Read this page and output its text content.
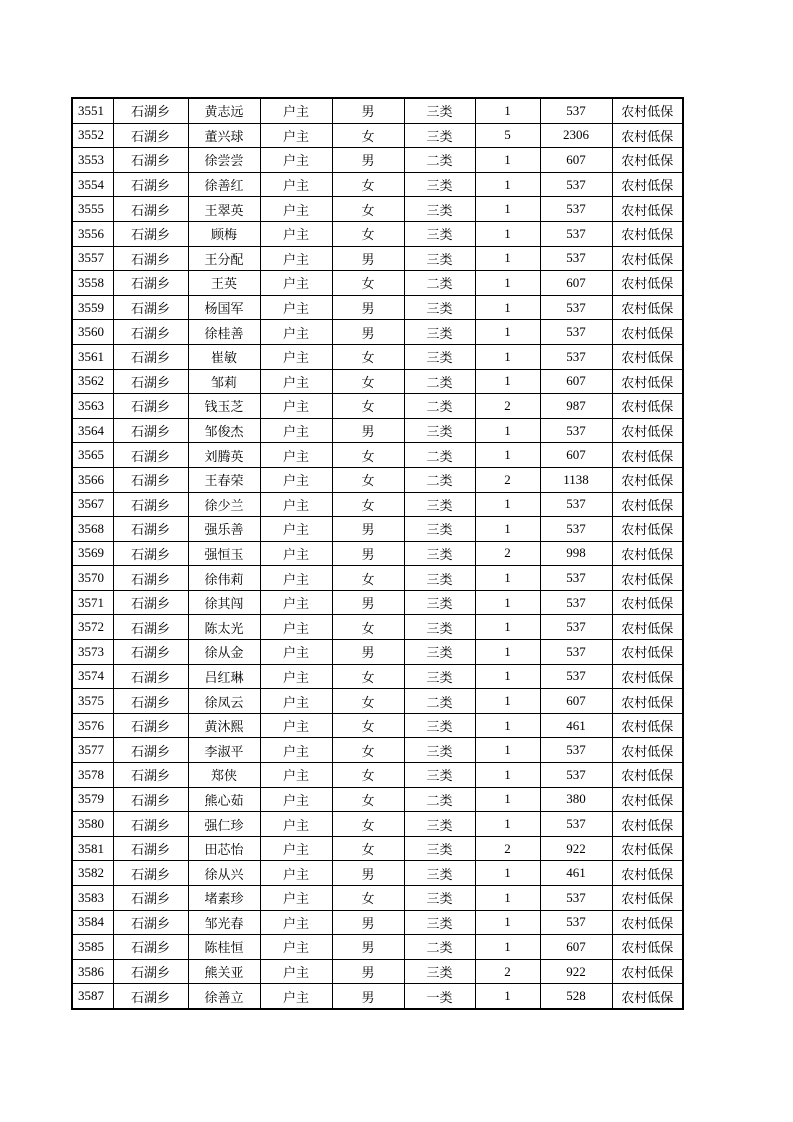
3551	石湖乡	黄志远	户主	男	三类	1	537	农村低保
3552	石湖乡	董兴球	户主	女	三类	5	2306	农村低保
3553	石湖乡	徐尝尝	户主	男	二类	1	607	农村低保
3554	石湖乡	徐善红	户主	女	三类	1	537	农村低保
3555	石湖乡	王翠英	户主	女	三类	1	537	农村低保
3556	石湖乡	顾梅	户主	女	三类	1	537	农村低保
3557	石湖乡	王分配	户主	男	三类	1	537	农村低保
3558	石湖乡	王英	户主	女	二类	1	607	农村低保
3559	石湖乡	杨国军	户主	男	三类	1	537	农村低保
3560	石湖乡	徐桂善	户主	男	三类	1	537	农村低保
3561	石湖乡	崔敏	户主	女	三类	1	537	农村低保
3562	石湖乡	邹莉	户主	女	二类	1	607	农村低保
3563	石湖乡	钱玉芝	户主	女	二类	2	987	农村低保
3564	石湖乡	邹俊杰	户主	男	三类	1	537	农村低保
3565	石湖乡	刘腾英	户主	女	二类	1	607	农村低保
3566	石湖乡	王春荣	户主	女	二类	2	1138	农村低保
3567	石湖乡	徐少兰	户主	女	三类	1	537	农村低保
3568	石湖乡	强乐善	户主	男	三类	1	537	农村低保
3569	石湖乡	强恒玉	户主	男	三类	2	998	农村低保
3570	石湖乡	徐伟莉	户主	女	三类	1	537	农村低保
3571	石湖乡	徐其闯	户主	男	三类	1	537	农村低保
3572	石湖乡	陈太光	户主	女	三类	1	537	农村低保
3573	石湖乡	徐从金	户主	男	三类	1	537	农村低保
3574	石湖乡	吕红琳	户主	女	三类	1	537	农村低保
3575	石湖乡	徐凤云	户主	女	二类	1	607	农村低保
3576	石湖乡	黄沐熙	户主	女	三类	1	461	农村低保
3577	石湖乡	李淑平	户主	女	三类	1	537	农村低保
3578	石湖乡	郑侠	户主	女	三类	1	537	农村低保
3579	石湖乡	熊心茹	户主	女	二类	1	380	农村低保
3580	石湖乡	强仁珍	户主	女	三类	1	537	农村低保
3581	石湖乡	田芯怡	户主	女	三类	2	922	农村低保
3582	石湖乡	徐从兴	户主	男	三类	1	461	农村低保
3583	石湖乡	堵素珍	户主	女	三类	1	537	农村低保
3584	石湖乡	邹光春	户主	男	三类	1	537	农村低保
3585	石湖乡	陈桂恒	户主	男	二类	1	607	农村低保
3586	石湖乡	熊关亚	户主	男	三类	2	922	农村低保
3587	石湖乡	徐善立	户主	男	一类	1	528	农村低保
